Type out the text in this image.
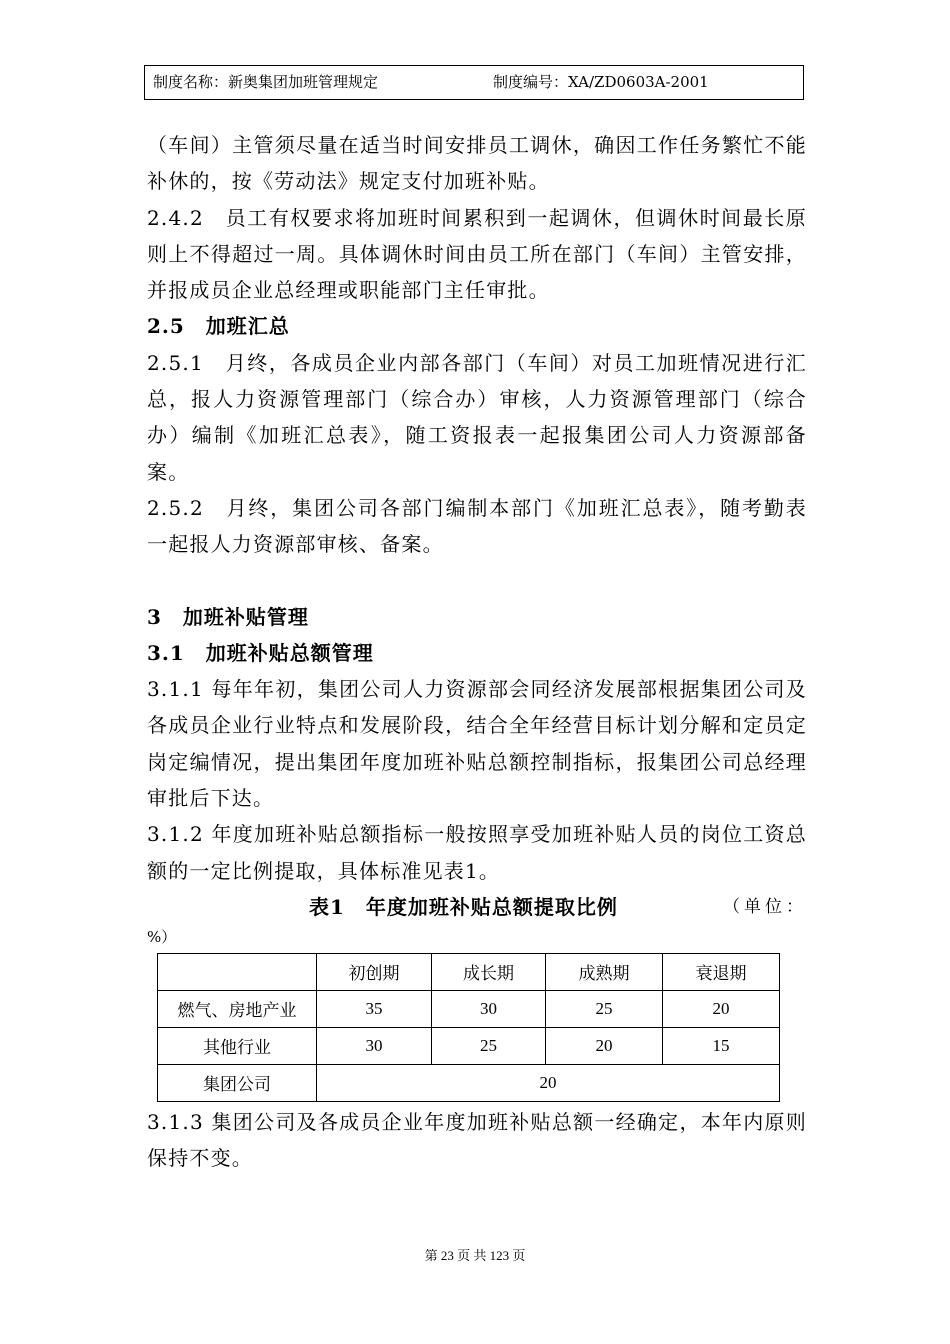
制度名称：新奥集团加班管理规定	制度编号：XA/ZD0603A-2001

（车间）主管须尽量在适当时间安排员工调休，确因工作任务繁忙不能补休的，按《劳动法》规定支付加班补贴。

2.4.2　员工有权要求将加班时间累积到一起调休，但调休时间最长原则上不得超过一周。具体调休时间由员工所在部门（车间）主管安排，并报成员企业总经理或职能部门主任审批。

2.5　加班汇总

2.5.1　月终，各成员企业内部各部门（车间）对员工加班情况进行汇总，报人力资源管理部门（综合办）审核，人力资源管理部门（综合办）编制《加班汇总表》，随工资报表一起报集团公司人力资源部备案。

2.5.2　月终，集团公司各部门编制本部门《加班汇总表》，随考勤表一起报人力资源部审核、备案。

3　加班补贴管理

3.1　加班补贴总额管理

3.1.1 每年年初，集团公司人力资源部会同经济发展部根据集团公司及各成员企业行业特点和发展阶段，结合全年经营目标计划分解和定员定岗定编情况，提出集团年度加班补贴总额控制指标，报集团公司总经理审批后下达。

3.1.2 年度加班补贴总额指标一般按照享受加班补贴人员的岗位工资总额的一定比例提取，具体标准见表1。

表1　年度加班补贴总额提取比例	（单位：

%）

	初创期	成长期	成熟期	衰退期
燃气、房地产业	35	30	25	20
其他行业	30	25	20	15
集团公司	20			

3.1.3 集团公司及各成员企业年度加班补贴总额一经确定，本年内原则保持不变。

第 23 页 共 123 页
